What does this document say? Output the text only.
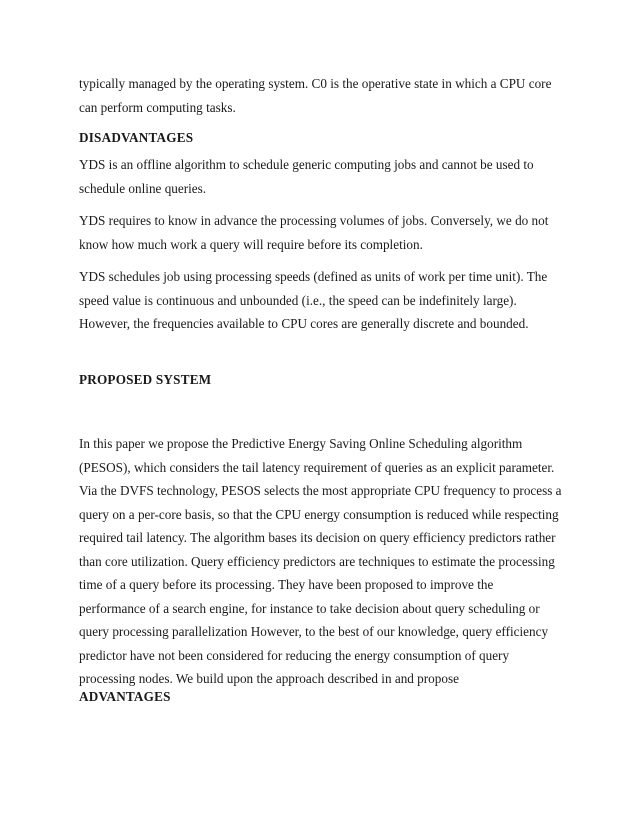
typically managed by the operating system. C0 is the operative state in which a CPU core can perform computing tasks.

DISADVANTAGES

YDS is an offline algorithm to schedule generic computing jobs and cannot be used to schedule online queries.

YDS requires to know in advance the processing volumes of jobs. Conversely, we do not know how much work a query will require before its completion.

YDS schedules job using processing speeds (defined as units of work per time unit). The speed value is continuous and unbounded (i.e., the speed can be indefinitely large). However, the frequencies available to CPU cores are generally discrete and bounded.

PROPOSED SYSTEM

In this paper we propose the Predictive Energy Saving Online Scheduling algorithm (PESOS), which considers the tail latency requirement of queries as an explicit parameter. Via the DVFS technology, PESOS selects the most appropriate CPU frequency to process a query on a per-core basis, so that the CPU energy consumption is reduced while respecting required tail latency. The algorithm bases its decision on query efficiency predictors rather than core utilization. Query efficiency predictors are techniques to estimate the processing time of a query before its processing. They have been proposed to improve the performance of a search engine, for instance to take decision about query scheduling or query processing parallelization However, to the best of our knowledge, query efficiency predictor have not been considered for reducing the energy consumption of query processing nodes. We build upon the approach described in and propose

ADVANTAGES
